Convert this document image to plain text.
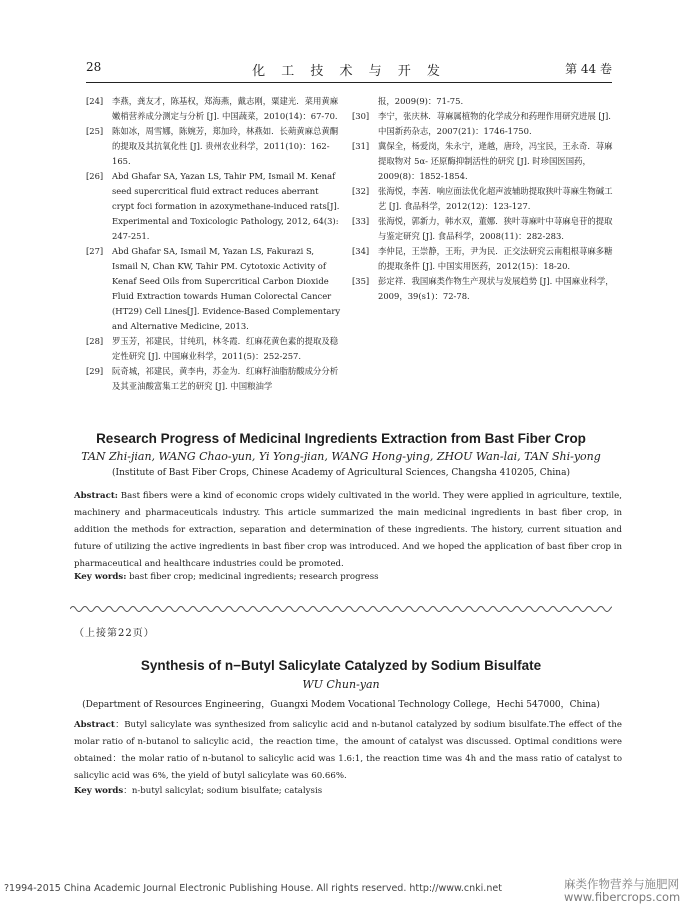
28	化 工 技 术 与 开 发	第 44 卷
[24]	李燕，龚友才，陈基权，郑海燕，戴志刚，粟建光．菜用黄麻嫩梢营养成分测定与分析 [J]. 中国蔬菜，2010(14)：67-70.
[25]	陈如冰，周雪娜，陈婉芳，郑加玲，林燕如．长蒴黄麻总黄酮的提取及其抗氧化性 [J]. 贵州农业科学，2011(10)：162-165.
[26]	Abd Ghafar SA, Yazan LS, Tahir PM, Ismail M. Kenaf seed supercritical fluid extract reduces aberrant crypt foci formation in azoxymethane-induced rats[J]. Experimental and Toxicologic Pathology, 2012, 64(3): 247-251.
[27]	Abd Ghafar SA, Ismail M, Yazan LS, Fakurazi S, Ismail N, Chan KW, Tahir PM. Cytotoxic Activity of Kenaf Seed Oils from Supercritical Carbon Dioxide Fluid Extraction towards Human Colorectal Cancer (HT29) Cell Lines[J]. Evidence-Based Complementary and Alternative Medicine, 2013.
[28]	罗玉芳，祁建民，甘纯玑，林冬霞．红麻花黄色素的提取及稳定性研究 [J]. 中国麻业科学，2011(5)：252-257.
[29]	阮奇城，祁建民，黄李冉，苏金为．红麻籽油脂肪酸成分分析及其亚油酸富集工艺的研究 [J]. 中国粮油学
报，2009(9)：71-75.
[30]	李宁，张庆林．荨麻属植物的化学成分和药理作用研究进展 [J]. 中国新药杂志，2007(21)：1746-1750.
[31]	冀保全，杨爱岗，朱永宁，逄越，唐玲，冯宝民，王永奇．荨麻提取物对 5α- 还原酶抑制活性的研究 [J]. 时珍国医国药，2009(8)：1852-1854.
[32]	张海悦，李茜．响应面法优化超声波辅助提取狭叶荨麻生物碱工艺 [J]. 食品科学，2012(12)：123-127.
[33]	张海悦，郭新力，韩水双，董娜．狭叶荨麻叶中荨麻皂苷的提取与鉴定研究 [J]. 食品科学，2008(11)：282-283.
[34]	李仲昆，王崇静，王珩，尹为民．正交法研究云南粗根荨麻多糖的提取条件 [J]. 中国实用医药，2012(15)：18-20.
[35]	彭定祥．我国麻类作物生产现状与发展趋势 [J]. 中国麻业科学，2009，39(s1)：72-78.
Research Progress of Medicinal Ingredients Extraction from Bast Fiber Crop
TAN Zhi-jian, WANG Chao-yun, Yi Yong-jian, WANG Hong-ying, ZHOU Wan-lai, TAN Shi-yong
(Institute of Bast Fiber Crops, Chinese Academy of Agricultural Sciences, Changsha 410205, China)
Abstract: Bast fibers were a kind of economic crops widely cultivated in the world. They were applied in agriculture, textile, machinery and pharmaceuticals industry. This article summarized the main medicinal ingredients in bast fiber crop, in addition the methods for extraction, separation and determination of these ingredients. The history, current situation and future of utilizing the active ingredients in bast fiber crop was introduced. And we hoped the application of bast fiber crop in pharmaceutical and healthcare industries could be promoted.
Key words: bast fiber crop; medicinal ingredients; research progress
（上接第22页）
Synthesis of n−Butyl Salicylate Catalyzed by Sodium Bisulfate
WU Chun-yan
(Department of Resources Engineering，Guangxi Modem Vocational Technology College，Hechi 547000，China)
Abstract：Butyl salicylate was synthesized from salicylic acid and n-butanol catalyzed by sodium bisulfate.The effect of the molar ratio of n-butanol to salicylic acid，the reaction time，the amount of catalyst was discussed. Optimal conditions were obtained：the molar ratio of n-butanol to salicylic acid was 1.6:1, the reaction time was 4h and the mass ratio of catalyst to salicylic acid was 6%, the yield of butyl salicylate was 60.66%.
Key words：n-butyl salicylat; sodium bisulfate; catalysis
?1994-2015 China Academic Journal Electronic Publishing House. All rights reserved. http://www.cnki.net	麻类作物营养与施肥网
www.fibercrops.com
